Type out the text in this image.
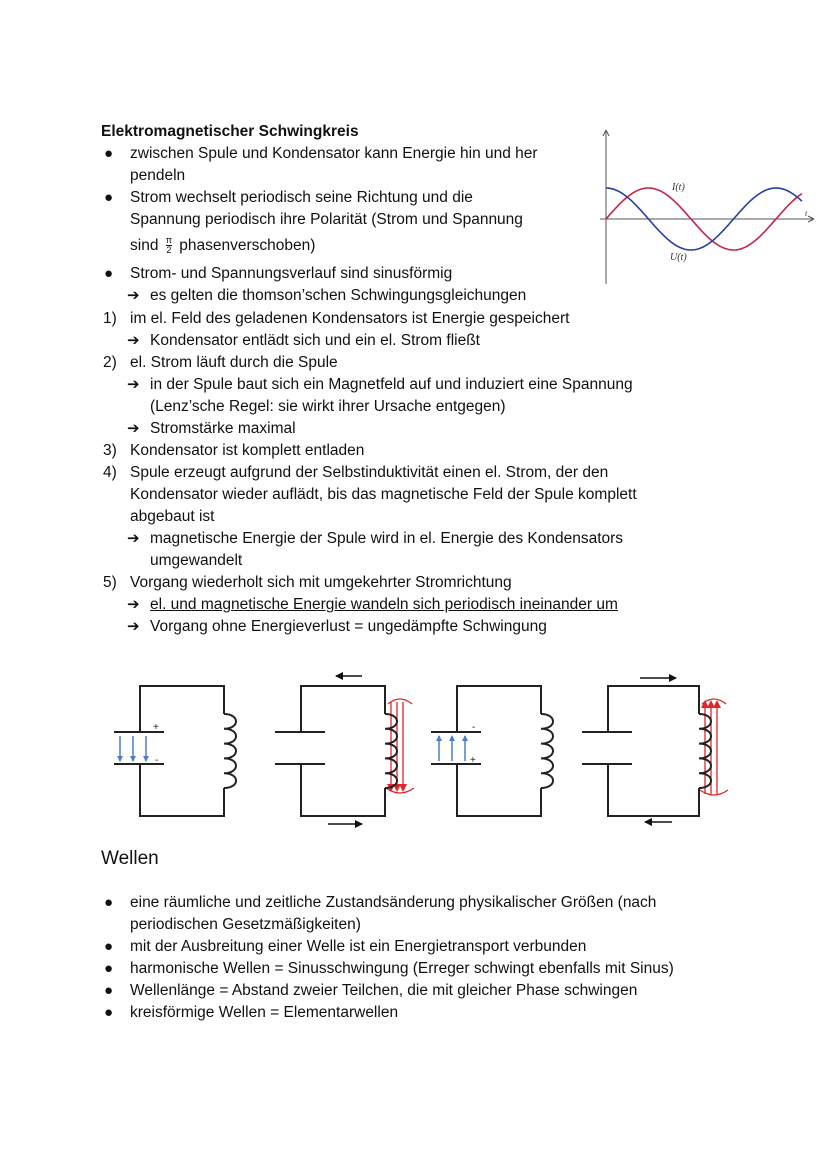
Elektromagnetischer Schwingkreis
● zwischen Spule und Kondensator kann Energie hin und her
pendeln
● Strom wechselt periodisch seine Richtung und die
Spannung periodisch ihre Polarität (Strom und Spannung
sind $\frac{\pi}{2}$ phasenverschoben)
● Strom- und Spannungsverlauf sind sinusförmig
➔ es gelten die thomson’schen Schwingungsgleichungen
1) im el. Feld des geladenen Kondensators ist Energie gespeichert
➔ Kondensator entlädt sich und ein el. Strom fließt
2) el. Strom läuft durch die Spule
➔ in der Spule baut sich ein Magnetfeld auf und induziert eine Spannung
(Lenz’sche Regel: sie wirkt ihrer Ursache entgegen)
➔ Stromstärke maximal
3) Kondensator ist komplett entladen
4) Spule erzeugt aufgrund der Selbstinduktivität einen el. Strom, der den
Kondensator wieder auflädt, bis das magnetische Feld der Spule komplett
abgebaut ist
➔ magnetische Energie der Spule wird in el. Energie des Kondensators
umgewandelt
5) Vorgang wiederholt sich mit umgekehrter Stromrichtung
➔ el. und magnetische Energie wandeln sich periodisch ineinander um
➔ Vorgang ohne Energieverlust = ungedämpfte Schwingung
I(t)
U(t)
t
+
-
-
+
Wellen
● eine räumliche und zeitliche Zustandsänderung physikalischer Größen (nach
periodischen Gesetzmäßigkeiten)
● mit der Ausbreitung einer Welle ist ein Energietransport verbunden
● harmonische Wellen = Sinusschwingung (Erreger schwingt ebenfalls mit Sinus)
● Wellenlänge = Abstand zweier Teilchen, die mit gleicher Phase schwingen
● kreisförmige Wellen = Elementarwellen
